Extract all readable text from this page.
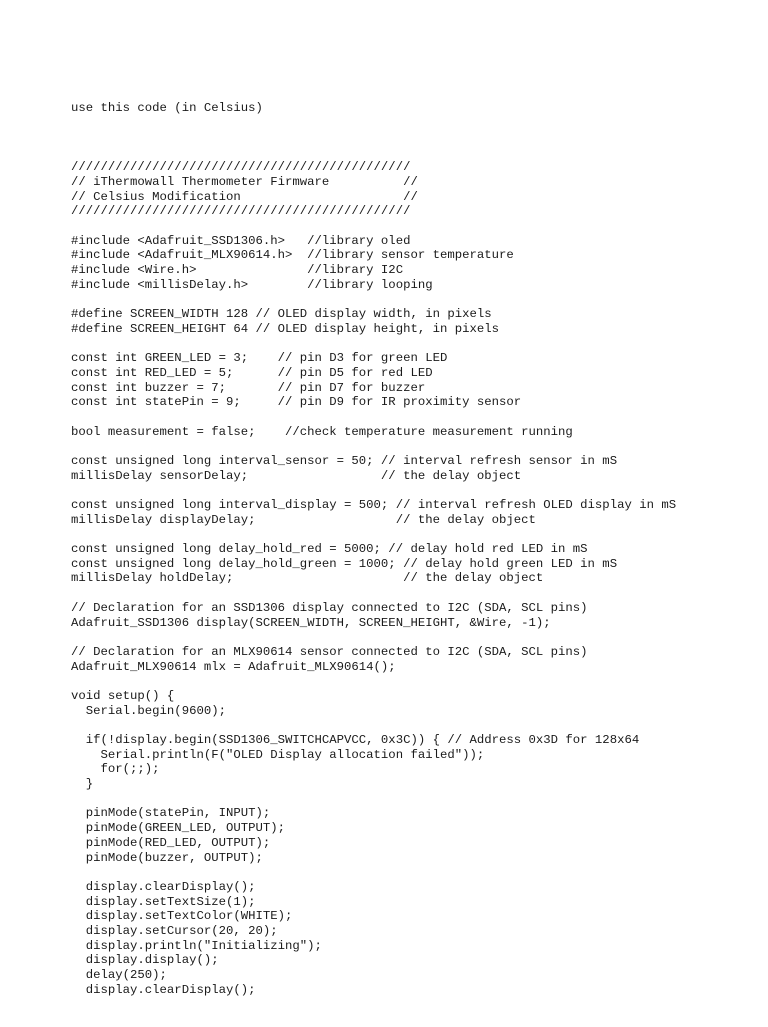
use this code (in Celsius)

//////////////////////////////////////////////
// iThermowall Thermometer Firmware          //
// Celsius Modification                      //
//////////////////////////////////////////////
#include <Adafruit_SSD1306.h>   //library oled
#include <Adafruit_MLX90614.h>  //library sensor temperature
#include <Wire.h>               //library I2C
#include <millisDelay.h>        //library looping
#define SCREEN_WIDTH 128 // OLED display width, in pixels
#define SCREEN_HEIGHT 64 // OLED display height, in pixels
const int GREEN_LED = 3;    // pin D3 for green LED
const int RED_LED = 5;      // pin D5 for red LED
const int buzzer = 7;       // pin D7 for buzzer
const int statePin = 9;     // pin D9 for IR proximity sensor
bool measurement = false;    //check temperature measurement running
const unsigned long interval_sensor = 50; // interval refresh sensor in mS
millisDelay sensorDelay;                  // the delay object
const unsigned long interval_display = 500; // interval refresh OLED display in mS
millisDelay displayDelay;                   // the delay object
const unsigned long delay_hold_red = 5000; // delay hold red LED in mS
const unsigned long delay_hold_green = 1000; // delay hold green LED in mS
millisDelay holdDelay;                       // the delay object
// Declaration for an SSD1306 display connected to I2C (SDA, SCL pins)
Adafruit_SSD1306 display(SCREEN_WIDTH, SCREEN_HEIGHT, &Wire, -1);
// Declaration for an MLX90614 sensor connected to I2C (SDA, SCL pins)
Adafruit_MLX90614 mlx = Adafruit_MLX90614();
void setup() {
Serial.begin(9600);
if(!display.begin(SSD1306_SWITCHCAPVCC, 0x3C)) { // Address 0x3D for 128x64
Serial.println(F("OLED Display allocation failed"));
for(;;);
}
pinMode(statePin, INPUT);
pinMode(GREEN_LED, OUTPUT);
pinMode(RED_LED, OUTPUT);
pinMode(buzzer, OUTPUT);
display.clearDisplay();
display.setTextSize(1);
display.setTextColor(WHITE);
display.setCursor(20, 20);
display.println("Initializing");
display.display();
delay(250);
display.clearDisplay();
